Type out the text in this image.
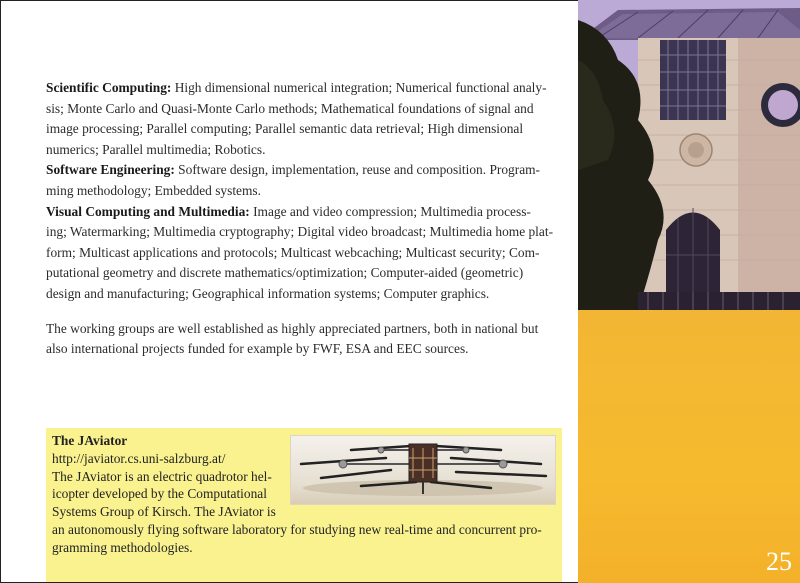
Scientific Computing: High dimensional numerical integration; Numerical functional analy-
sis; Monte Carlo and Quasi-Monte Carlo methods; Mathematical foundations of signal and
image processing; Parallel computing; Parallel semantic data retrieval; High dimensional
numerics; Parallel multimedia; Robotics.

Software Engineering: Software design, implementation, reuse and composition. Program-
ming methodology; Embedded systems.

Visual Computing and Multimedia: Image and video compression; Multimedia process-
ing; Watermarking; Multimedia cryptography; Digital video broadcast; Multimedia home plat-
form; Multicast applications and protocols; Multicast webcaching; Multicast security; Com-
putational geometry and discrete mathematics/optimization; Computer-aided (geometric)
design and manufacturing; Geographical information systems; Computer graphics.

The working groups are well established as highly appreciated partners, both in national but
also international projects funded for example by FWF, ESA and EEC sources.

25
The JAviator
http://javiator.cs.uni-salzburg.at/
The JAviator is an electric quadrotor hel-
icopter developed by the Computational
Systems Group of Kirsch. The JAviator is
an autonomously flying software laboratory for studying new real-time and concurrent pro-
gramming methodologies.
